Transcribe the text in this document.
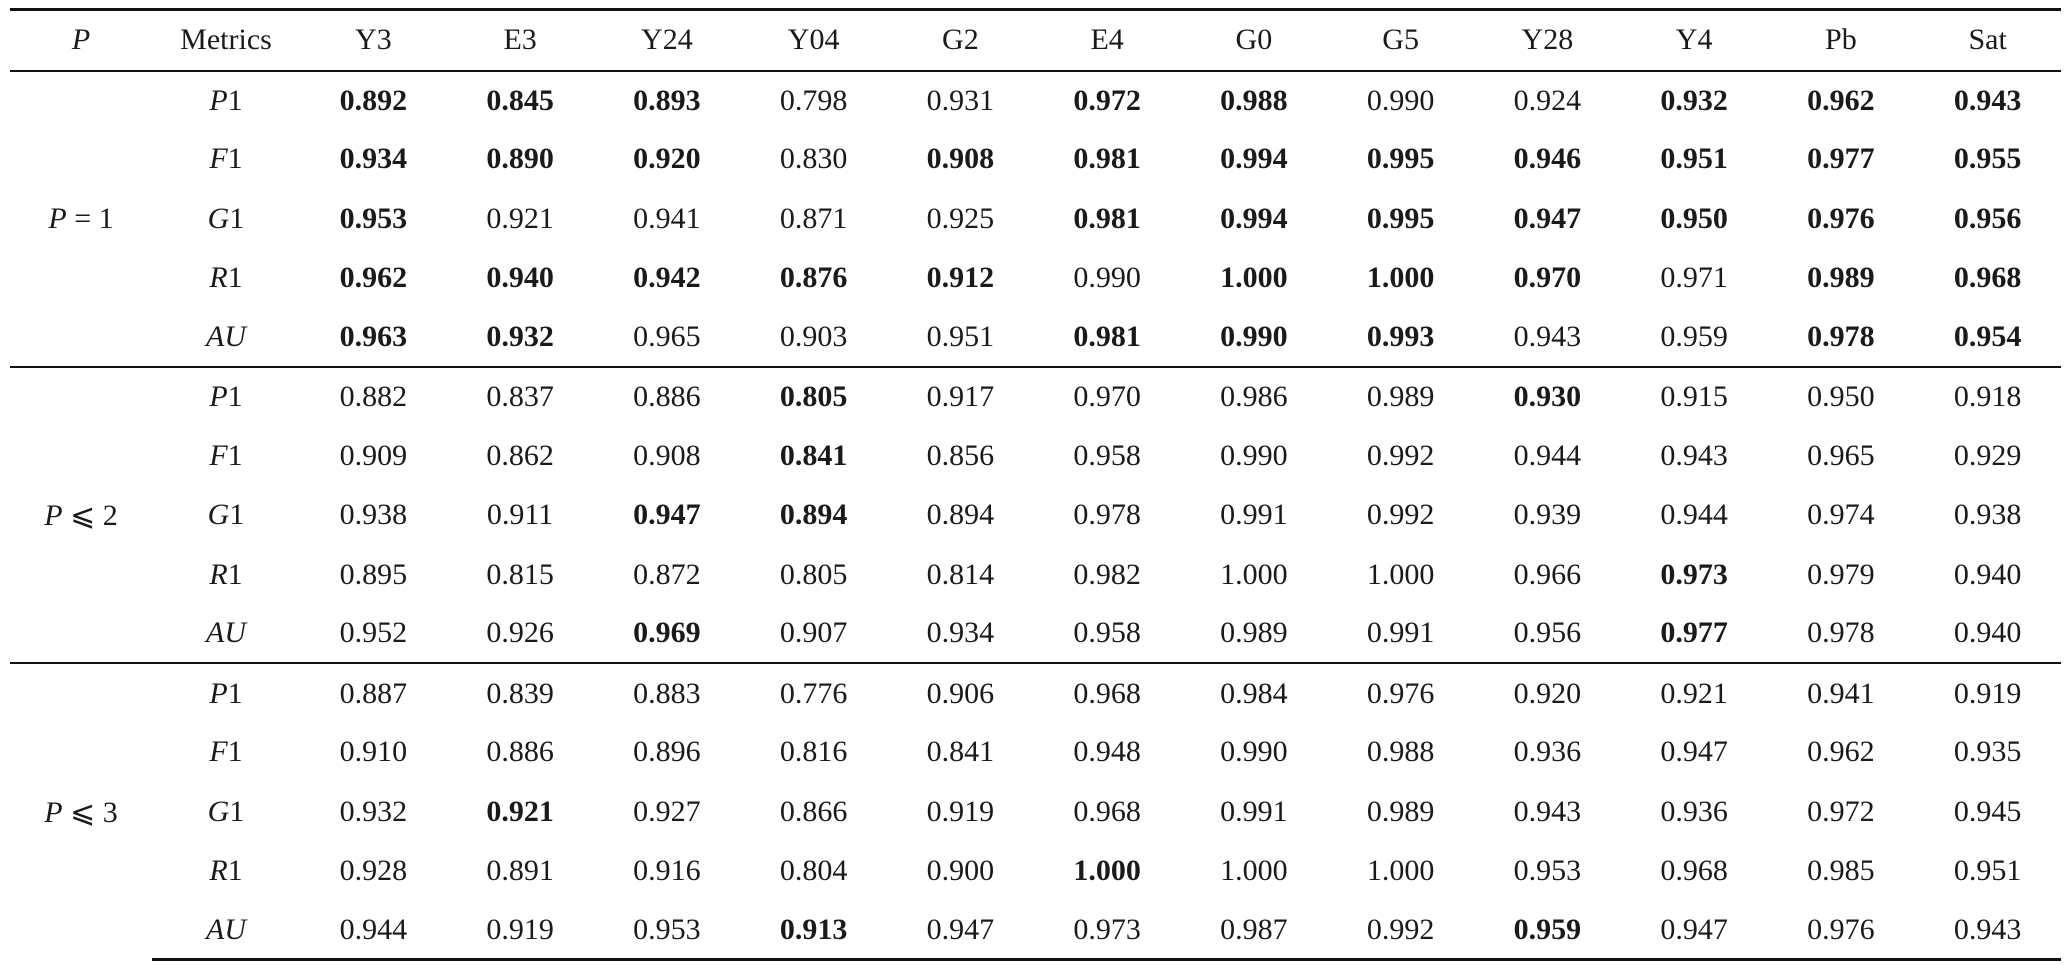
P	Metrics	Y3	E3	Y24	Y04	G2	E4	G0	G5	Y28	Y4	Pb	Sat
P = 1	P1	0.892	0.845	0.893	0.798	0.931	0.972	0.988	0.990	0.924	0.932	0.962	0.943
	F1	0.934	0.890	0.920	0.830	0.908	0.981	0.994	0.995	0.946	0.951	0.977	0.955
	G1	0.953	0.921	0.941	0.871	0.925	0.981	0.994	0.995	0.947	0.950	0.976	0.956
	R1	0.962	0.940	0.942	0.876	0.912	0.990	1.000	1.000	0.970	0.971	0.989	0.968
	AU	0.963	0.932	0.965	0.903	0.951	0.981	0.990	0.993	0.943	0.959	0.978	0.954
P ⩽ 2	P1	0.882	0.837	0.886	0.805	0.917	0.970	0.986	0.989	0.930	0.915	0.950	0.918
	F1	0.909	0.862	0.908	0.841	0.856	0.958	0.990	0.992	0.944	0.943	0.965	0.929
	G1	0.938	0.911	0.947	0.894	0.894	0.978	0.991	0.992	0.939	0.944	0.974	0.938
	R1	0.895	0.815	0.872	0.805	0.814	0.982	1.000	1.000	0.966	0.973	0.979	0.940
	AU	0.952	0.926	0.969	0.907	0.934	0.958	0.989	0.991	0.956	0.977	0.978	0.940
P ⩽ 3	P1	0.887	0.839	0.883	0.776	0.906	0.968	0.984	0.976	0.920	0.921	0.941	0.919
	F1	0.910	0.886	0.896	0.816	0.841	0.948	0.990	0.988	0.936	0.947	0.962	0.935
	G1	0.932	0.921	0.927	0.866	0.919	0.968	0.991	0.989	0.943	0.936	0.972	0.945
	R1	0.928	0.891	0.916	0.804	0.900	1.000	1.000	1.000	0.953	0.968	0.985	0.951
	AU	0.944	0.919	0.953	0.913	0.947	0.973	0.987	0.992	0.959	0.947	0.976	0.943
